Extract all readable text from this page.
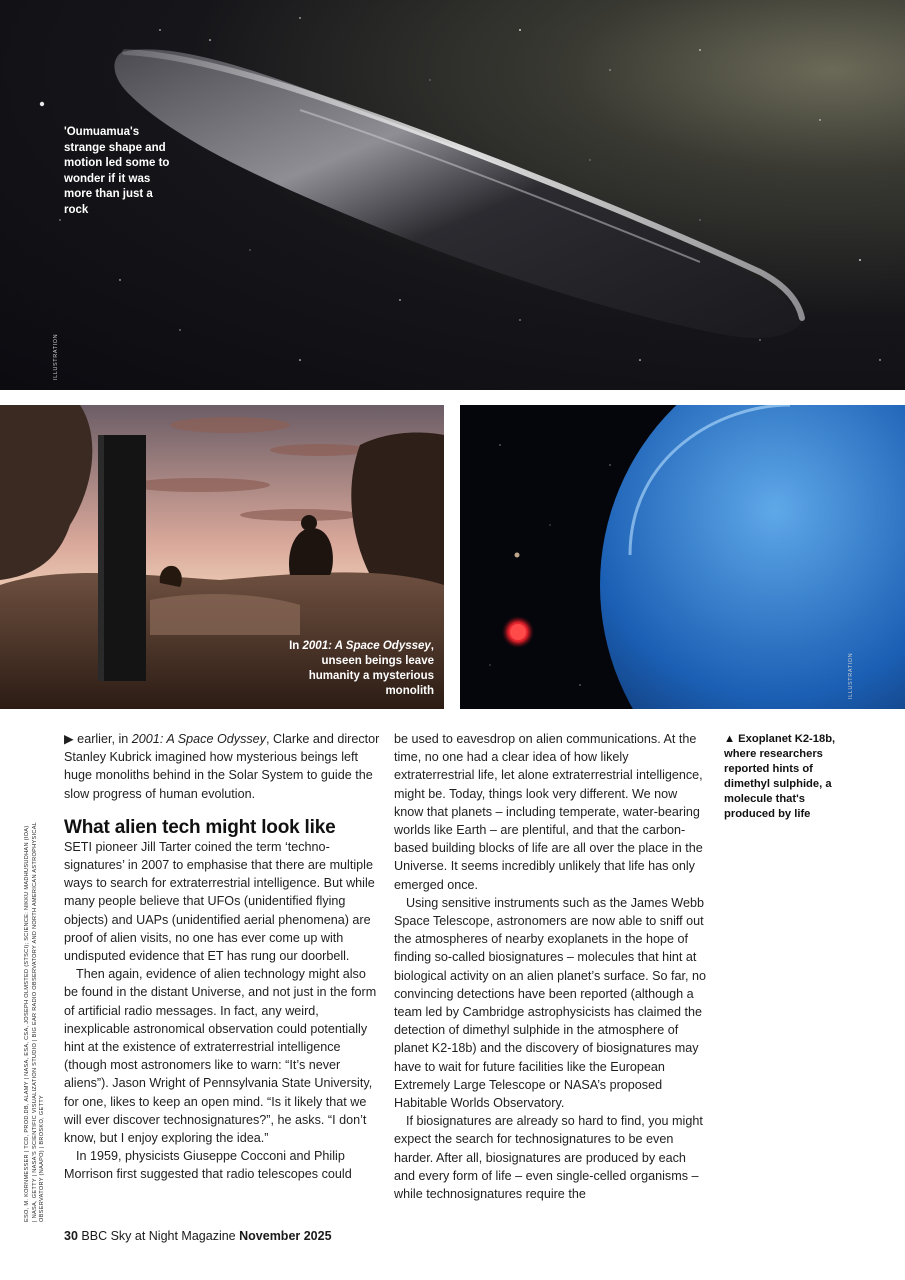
'Oumuamua's strange shape and motion led some to wonder if it was more than just a rock
ILLUSTRATION
In 2001: A Space Odyssey, unseen beings leave humanity a mysterious monolith	ILLUSTRATION
ESO, M. KORNMESSER | TCD, PROD.DB, ALAMY | NASA, ESA, CSA, JOSEPH OLMSTED (STSCI); SCIENCE: NIKKU MADHUSUDHAN (IOA) | NASA, GETTY | NASA'S SCIENTIFIC VISUALIZATION STUDIO | BIG EAR RADIO OBSERVATORY AND NORTH AMERICAN ASTROPHYSICAL OBSERVATORY (NAAPO) | BROSKO, GETTY

▶ earlier, in 2001: A Space Odyssey, Clarke and director Stanley Kubrick imagined how mysterious beings left huge monoliths behind in the Solar System to guide the slow progress of human evolution.

What alien tech might look like

SETI pioneer Jill Tarter coined the term ‘techno-signatures’ in 2007 to emphasise that there are multiple ways to search for extraterrestrial intelligence. But while many people believe that UFOs (unidentified flying objects) and UAPs (unidentified aerial phenomena) are proof of alien visits, no one has ever come up with undisputed evidence that ET has rung our doorbell.

Then again, evidence of alien technology might also be found in the distant Universe, and not just in the form of artificial radio messages. In fact, any weird, inexplicable astronomical observation could potentially hint at the existence of extraterrestrial intelligence (though most astronomers like to warn: “It’s never aliens”). Jason Wright of Pennsylvania State University, for one, likes to keep an open mind. “Is it likely that we will ever discover technosignatures?”, he asks. “I don’t know, but I enjoy exploring the idea.”

In 1959, physicists Giuseppe Cocconi and Philip Morrison first suggested that radio telescopes could

be used to eavesdrop on alien communications. At the time, no one had a clear idea of how likely extraterrestrial life, let alone extraterrestrial intelligence, might be. Today, things look very different. We now know that planets – including temperate, water-bearing worlds like Earth – are plentiful, and that the carbon-based building blocks of life are all over the place in the Universe. It seems incredibly unlikely that life has only emerged once.

Using sensitive instruments such as the James Webb Space Telescope, astronomers are now able to sniff out the atmospheres of nearby exoplanets in the hope of finding so-called biosignatures – molecules that hint at biological activity on an alien planet’s surface. So far, no convincing detections have been reported (although a team led by Cambridge astrophysicists has claimed the detection of dimethyl sulphide in the atmosphere of planet K2-18b) and the discovery of biosignatures may have to wait for future facilities like the European Extremely Large Telescope or NASA’s proposed Habitable Worlds Observatory.

If biosignatures are already so hard to find, you might expect the search for technosignatures to be even harder. After all, biosignatures are produced by each and every form of life – even single-celled organisms – while technosignatures require the

▲ Exoplanet K2-18b, where researchers reported hints of dimethyl sulphide, a molecule that's produced by life
30 BBC Sky at Night Magazine November 2025
